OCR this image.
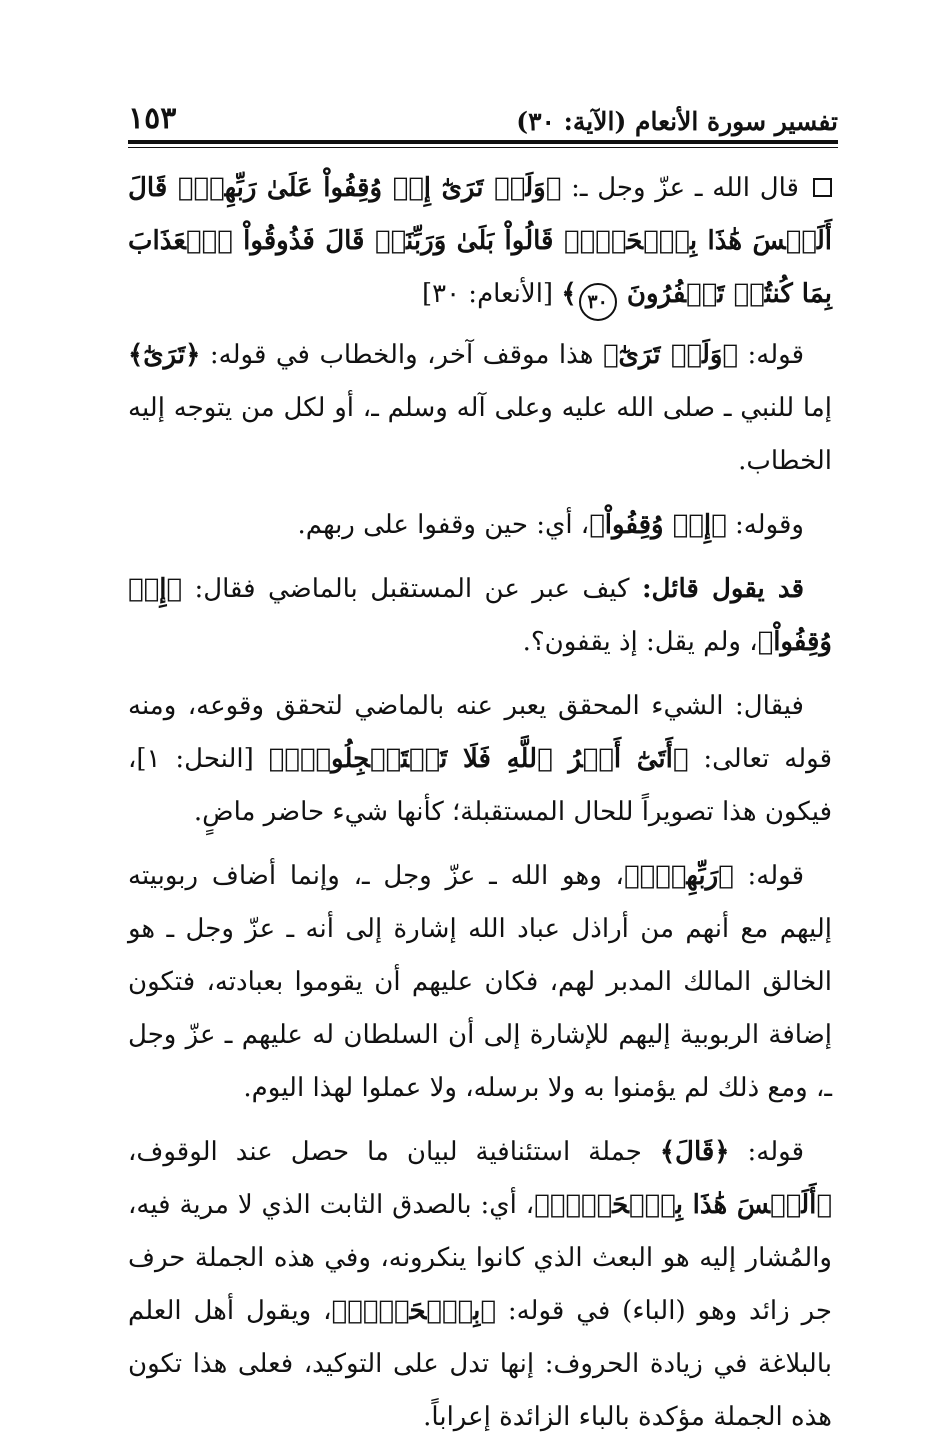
تفسير سورة الأنعام (الآية: ٣٠)
١٥٣

قال الله ـ عزّ وجل ـ: ﴿وَلَوۡ تَرَىٰٓ إِذۡ وُقِفُواْ عَلَىٰ رَبِّهِمۡۚ قَالَ أَلَيۡسَ هَٰذَا بِٱلۡحَقِّۚ قَالُواْ بَلَىٰ وَرَبِّنَاۚ قَالَ فَذُوقُواْ ٱلۡعَذَابَ بِمَا كُنتُمۡ تَكۡفُرُونَ ٣٠﴾ [الأنعام: ٣٠]

قوله: ﴿وَلَوۡ تَرَىٰٓ﴾ هذا موقف آخر، والخطاب في قوله: ﴿تَرَىٰٓ﴾ إما للنبي ـ صلى الله عليه وعلى آله وسلم ـ، أو لكل من يتوجه إليه الخطاب.

وقوله: ﴿إِذۡ وُقِفُواْ﴾، أي: حين وقفوا على ربهم.

قد يقول قائل: كيف عبر عن المستقبل بالماضي فقال: ﴿إِذۡ وُقِفُواْ﴾، ولم يقل: إذ يقفون؟.

فيقال: الشيء المحقق يعبر عنه بالماضي لتحقق وقوعه، ومنه قوله تعالى: ﴿أَتَىٰٓ أَمۡرُ ٱللَّهِ فَلَا تَسۡتَعۡجِلُوهُۚ﴾ [النحل: ١]، فيكون هذا تصويراً للحال المستقبلة؛ كأنها شيء حاضر ماضٍ.

قوله: ﴿رَبِّهِمۡۚ﴾، وهو الله ـ عزّ وجل ـ، وإنما أضاف ربوبيته إليهم مع أنهم من أراذل عباد الله إشارة إلى أنه ـ عزّ وجل ـ هو الخالق المالك المدبر لهم، فكان عليهم أن يقوموا بعبادته، فتكون إضافة الربوبية إليهم للإشارة إلى أن السلطان له عليهم ـ عزّ وجل ـ، ومع ذلك لم يؤمنوا به ولا برسله، ولا عملوا لهذا اليوم.

قوله: ﴿قَالَ﴾ جملة استئنافية لبيان ما حصل عند الوقوف، ﴿أَلَيۡسَ هَٰذَا بِٱلۡحَقِّۚ﴾، أي: بالصدق الثابت الذي لا مرية فيه، والمُشار إليه هو البعث الذي كانوا ينكرونه، وفي هذه الجملة حرف جر زائد وهو (الباء) في قوله: ﴿بِٱلۡحَقِّۚ﴾، ويقول أهل العلم بالبلاغة في زيادة الحروف: إنها تدل على التوكيد، فعلى هذا تكون هذه الجملة مؤكدة بالباء الزائدة إعراباً.
